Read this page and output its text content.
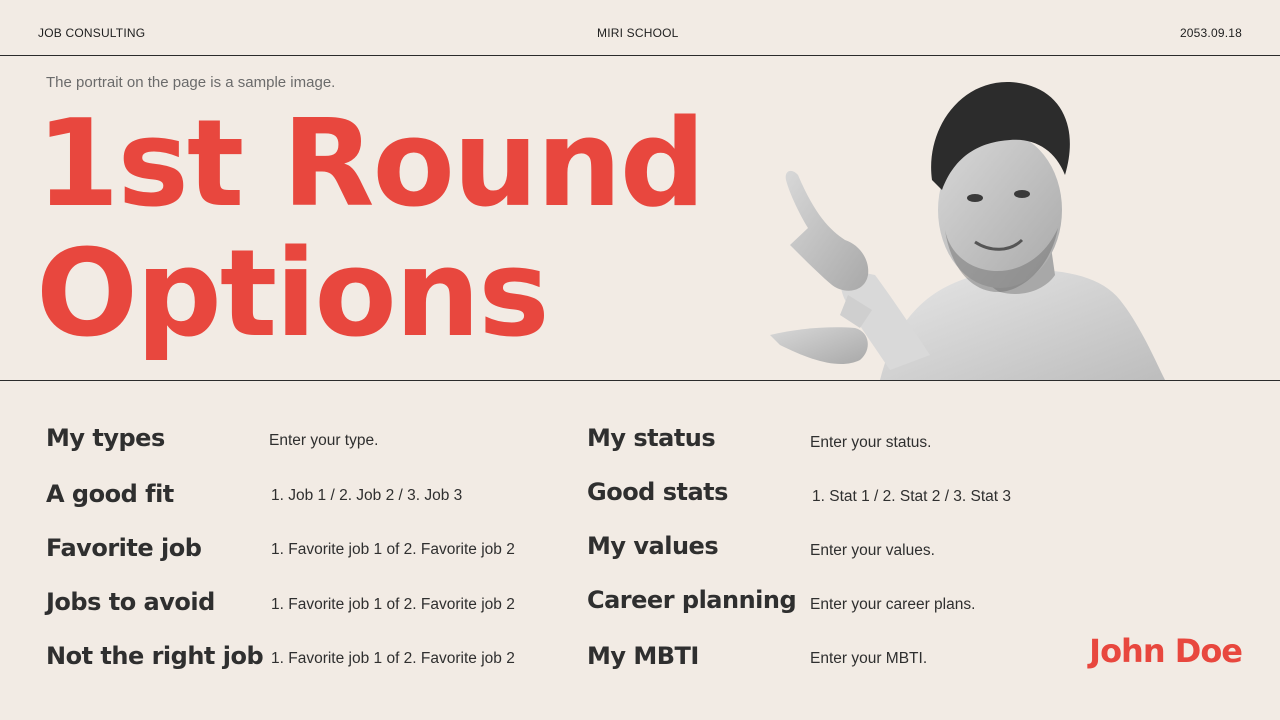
JOB CONSULTING	MIRI SCHOOL	2053.09.18
The portrait on the page is a sample image.
1st Round
Options
My types	Enter your type.
A good fit	1. Job 1 / 2. Job 2 / 3. Job 3
Favorite job	1. Favorite job 1 of 2. Favorite job 2
Jobs to avoid	1. Favorite job 1 of 2. Favorite job 2
Not the right job 1. Favorite job 1 of 2. Favorite job 2
My status	Enter your status.
Good stats	1. Stat 1 / 2. Stat 2 / 3. Stat 3
My values	Enter your values.
Career planning Enter your career plans.
My MBTI	Enter your MBTI.	John Doe
